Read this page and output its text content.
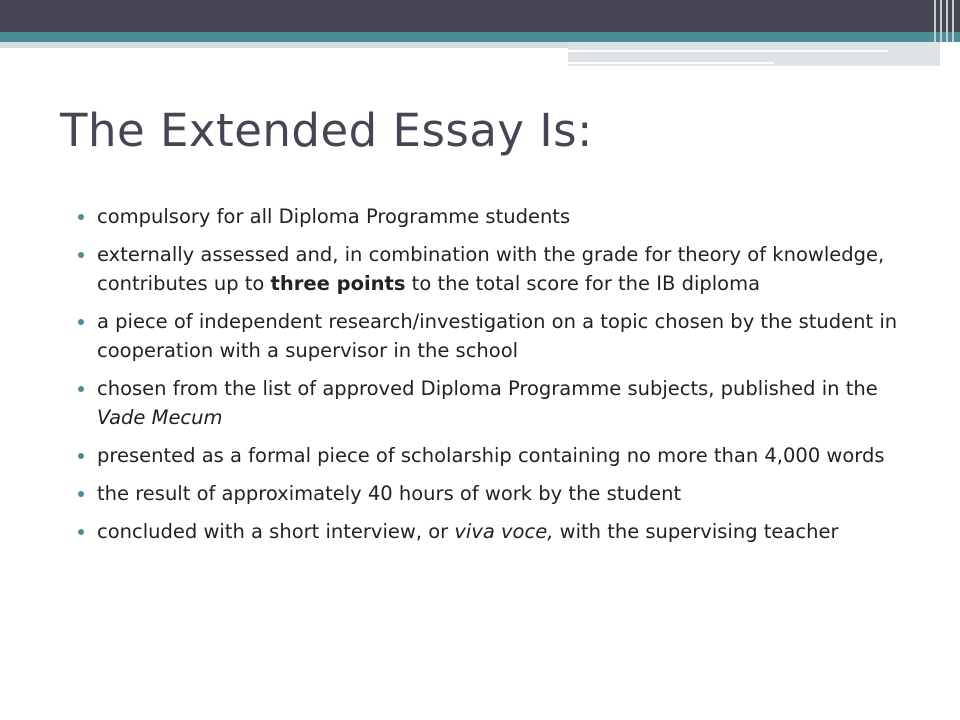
The Extended Essay Is:
compulsory for all Diploma Programme students
externally assessed and, in combination with the grade for theory of knowledge, contributes up to three points to the total score for the IB diploma
a piece of independent research/investigation on a topic chosen by the student in cooperation with a supervisor in the school
chosen from the list of approved Diploma Programme subjects, published in the Vade Mecum
presented as a formal piece of scholarship containing no more than 4,000 words
the result of approximately 40 hours of work by the student
concluded with a short interview, or viva voce, with the supervising teacher
